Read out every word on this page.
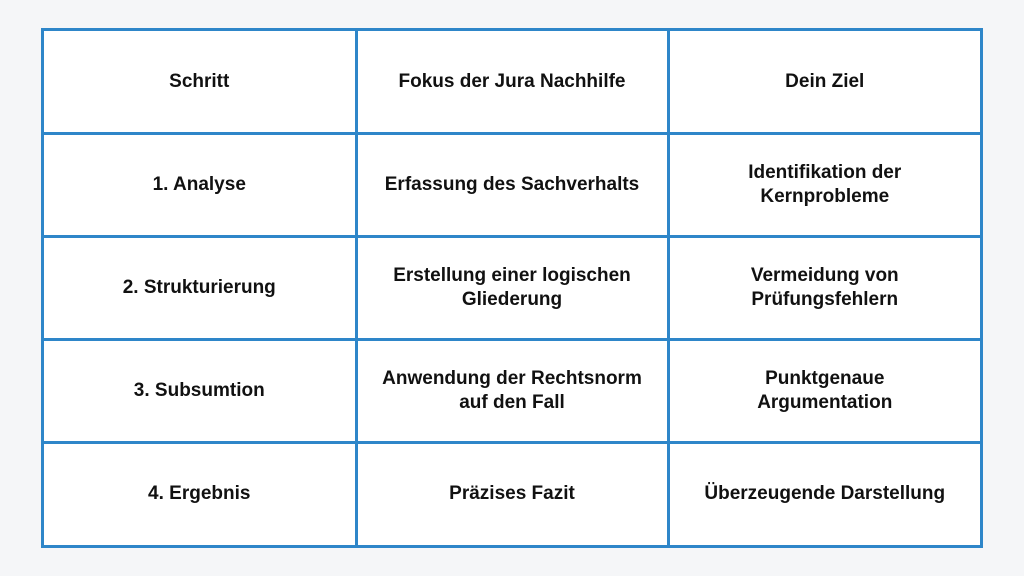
Schritt	Fokus der Jura Nachhilfe	Dein Ziel
1. Analyse	Erfassung des Sachverhalts	Identifikation der Kernprobleme
2. Strukturierung	Erstellung einer logischen Gliederung	Vermeidung von Prüfungsfehlern
3. Subsumtion	Anwendung der Rechtsnorm auf den Fall	Punktgenaue Argumentation
4. Ergebnis	Präzises Fazit	Überzeugende Darstellung
